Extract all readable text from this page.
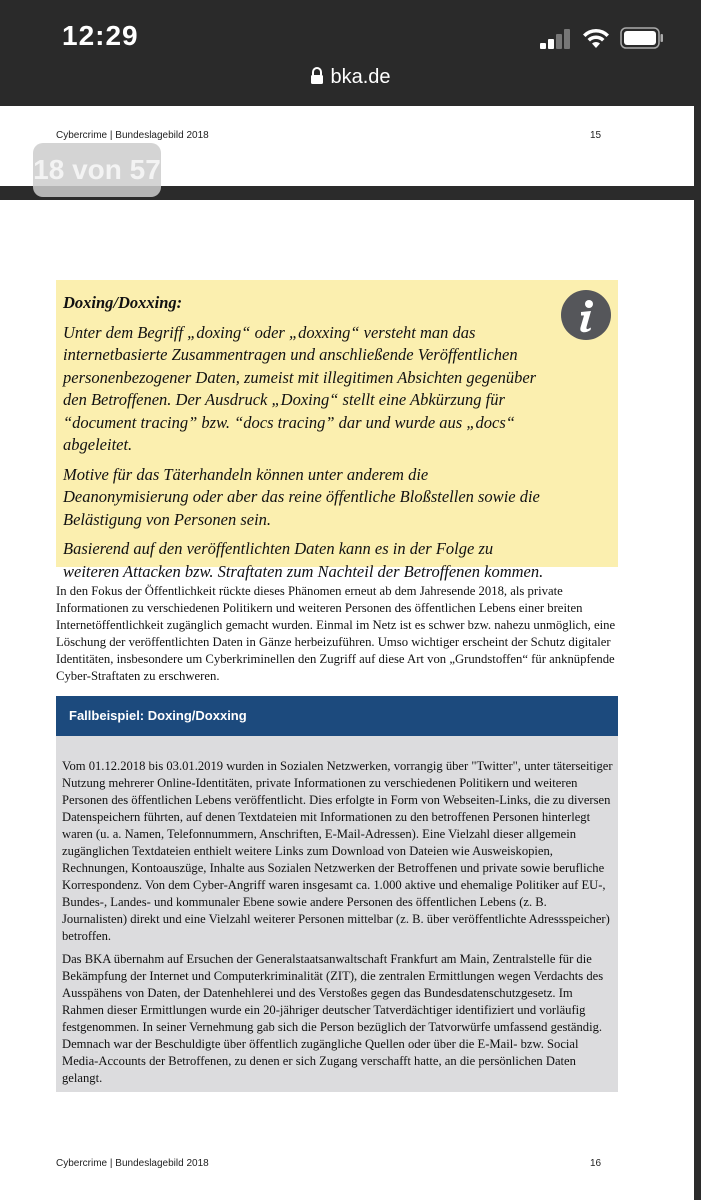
12:29
bka.de
Cybercrime | Bundeslagebild 2018	15

Doxing/Doxxing:

Unter dem Begriff „doxing“ oder „doxxing“ versteht man das internetbasierte Zusammentragen und anschließende Veröffentlichen personenbezogener Daten, zumeist mit illegitimen Absichten gegenüber den Betroffenen. Der Ausdruck „Doxing“ stellt eine Abkürzung für “document tracing” bzw. “docs tracing” dar und wurde aus „docs“ abgeleitet.

Motive für das Täterhandeln können unter anderem die Deanonymisierung oder aber das reine öffentliche Bloßstellen sowie die Belästigung von Personen sein.

Basierend auf den veröffentlichten Daten kann es in der Folge zu weiteren Attacken bzw. Straftaten zum Nachteil der Betroffenen kommen.

In den Fokus der Öffentlichkeit rückte dieses Phänomen erneut ab dem Jahresende 2018, als private Informationen zu verschiedenen Politikern und weiteren Personen des öffentlichen Lebens einer breiten Internetöffentlichkeit zugänglich gemacht wurden. Einmal im Netz ist es schwer bzw. nahezu unmöglich, eine Löschung der veröffentlichten Daten in Gänze herbeizuführen. Umso wichtiger erscheint der Schutz digitaler Identitäten, insbesondere um Cyberkriminellen den Zugriff auf diese Art von „Grundstoffen“ für anknüpfende Cyber-Straftaten zu erschweren.
Fallbeispiel: Doxing/Doxxing

Vom 01.12.2018 bis 03.01.2019 wurden in Sozialen Netzwerken, vorrangig über "Twitter", unter täterseitiger Nutzung mehrerer Online-Identitäten, private Informationen zu verschiedenen Politikern und weiteren Personen des öffentlichen Lebens veröffentlicht. Dies erfolgte in Form von Webseiten-Links, die zu diversen Datenspeichern führten, auf denen Textdateien mit Informationen zu den betroffenen Personen hinterlegt waren (u. a. Namen, Telefonnummern, Anschriften, E-Mail-Adressen). Eine Vielzahl dieser allgemein zugänglichen Textdateien enthielt weitere Links zum Download von Dateien wie Ausweiskopien, Rechnungen, Kontoauszüge, Inhalte aus Sozialen Netzwerken der Betroffenen und private sowie berufliche Korrespondenz. Von dem Cyber-Angriff waren insgesamt ca. 1.000 aktive und ehemalige Politiker auf EU-, Bundes-, Landes- und kommunaler Ebene sowie andere Personen des öffentlichen Lebens (z. B. Journalisten) direkt und eine Vielzahl weiterer Personen mittelbar (z. B. über veröffentlichte Adressspeicher) betroffen.

Das BKA übernahm auf Ersuchen der Generalstaatsanwaltschaft Frankfurt am Main, Zentralstelle für die Bekämpfung der Internet und Computerkriminalität (ZIT), die zentralen Ermittlungen wegen Verdachts des Ausspähens von Daten, der Datenhehlerei und des Verstoßes gegen das Bundesdatenschutzgesetz. Im Rahmen dieser Ermittlungen wurde ein 20-jähriger deutscher Tatverdächtiger identifiziert und vorläufig festgenommen. In seiner Vernehmung gab sich die Person bezüglich der Tatvorwürfe umfassend geständig. Demnach war der Beschuldigte über öffentlich zugängliche Quellen oder über die E-Mail- bzw. Social Media-Accounts der Betroffenen, zu denen er sich Zugang verschafft hatte, an die persönlichen Daten gelangt.

Cybercrime | Bundeslagebild 2018	16
18 von 57
